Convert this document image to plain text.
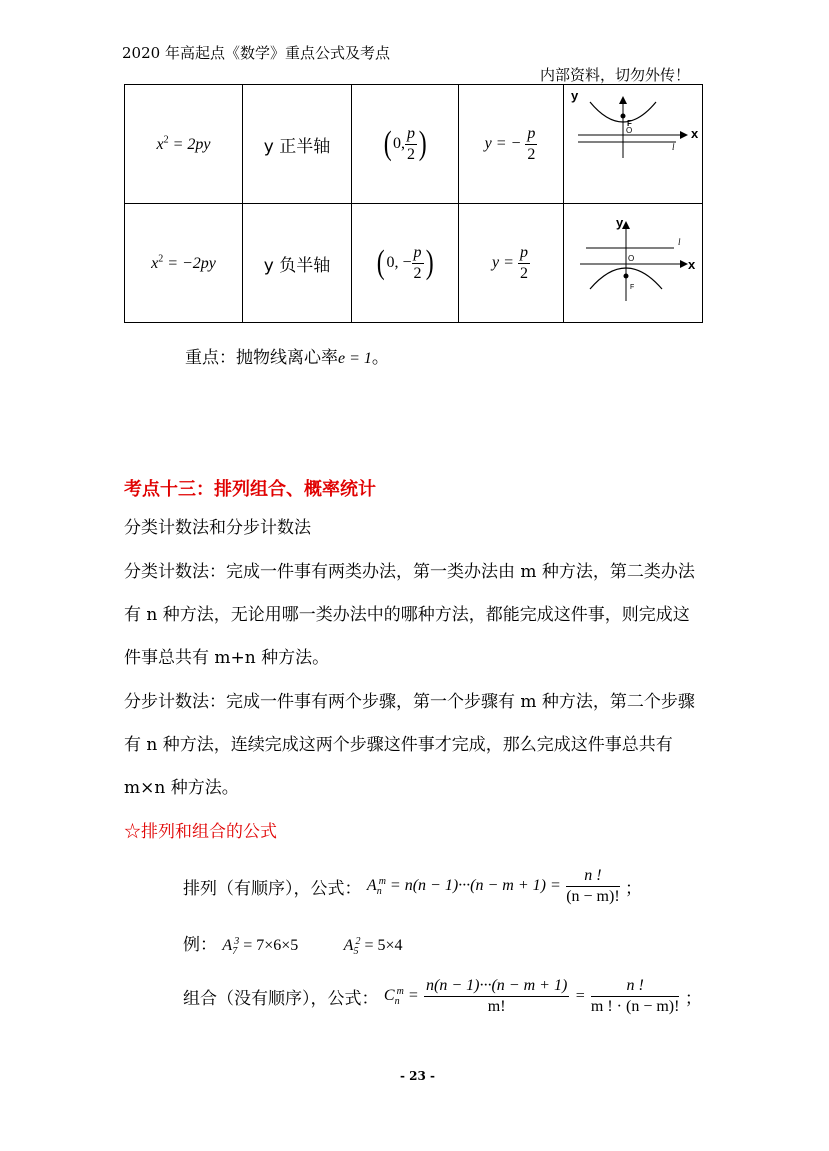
2020 年高起点《数学》重点公式及考点
内部资料，切勿外传！
$x^2 = 2py$	y 正半轴	( 0, $\frac{p}{2}$ )	y = − $\frac{p}{2}$	y
x
O
F
l

$x^2 = -2py$	y 负半轴	( 0, − $\frac{p}{2}$ )	$y = \frac{p}{2}$	y
x
O
F
l
重点：抛物线离心率e = 1。
考点十三：排列组合、概率统计
分类计数法和分步计数法
分类计数法：完成一件事有两类办法，第一类办法由 m 种方法，第二类办法有 n 种方法，无论用哪一类办法中的哪种方法，都能完成这件事，则完成这件事总共有 m+n 种方法。
分步计数法：完成一件事有两个步骤，第一个步骤有 m 种方法，第二个步骤有 n 种方法，连续完成这两个步骤这件事才完成，那么完成这件事总共有 m×n 种方法。
☆排列和组合的公式
排列（有顺序），公式： $A_n^m = n(n - 1)\cdot\cdot\cdot(n - m + 1) = \frac{n !}{(n - m)!}$ ；
例： $A_7^3 = 7\times 6\times 5$	$A_5^2 = 5\times 4$
组合（没有顺序），公式： $C_n^m = \frac{n(n - 1)\cdot\cdot\cdot(n - m + 1)}{m!} = \frac{n !}{m ! \cdot (n - m)!}$ ；
- 23 -
